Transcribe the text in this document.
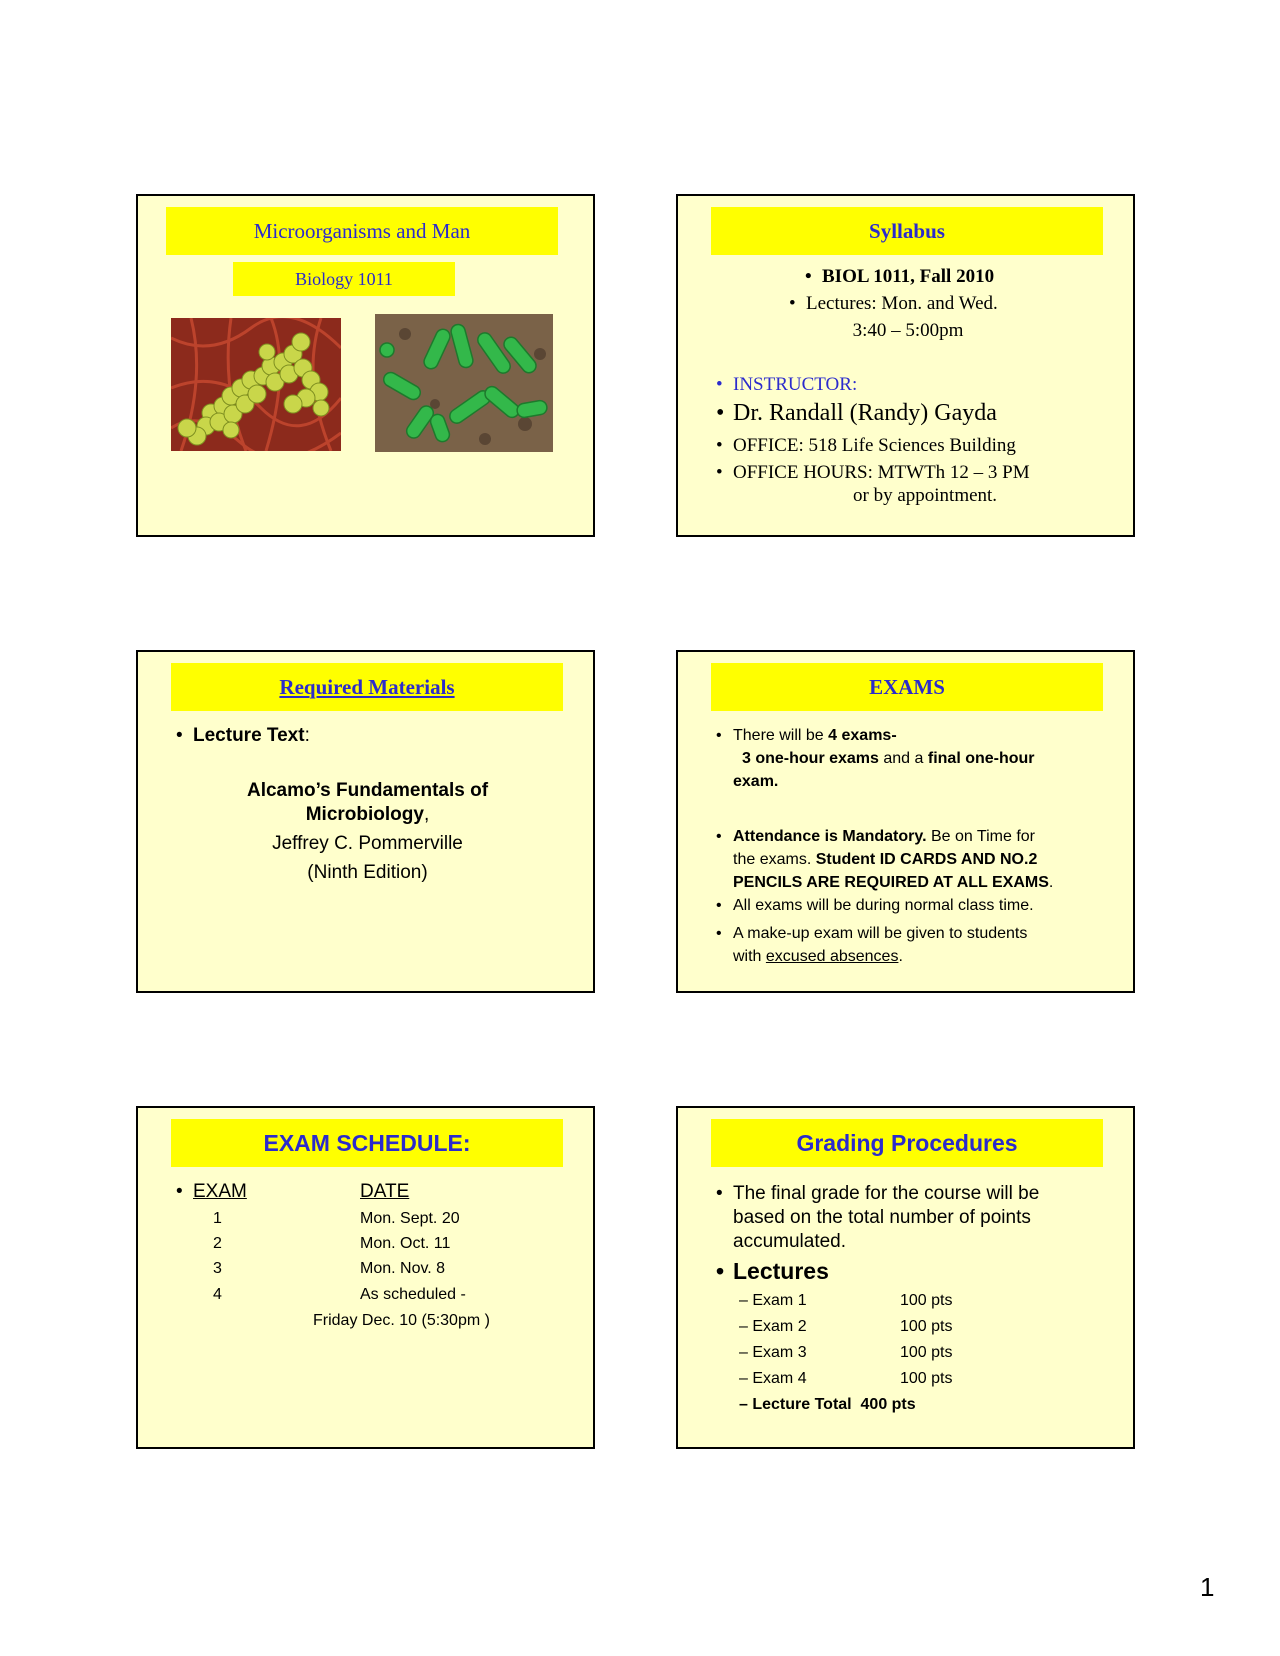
Microorganisms and Man
Biology 1011
Syllabus
• BIOL 1011, Fall 2010
• Lectures: Mon. and Wed.
3:40 – 5:00pm
• INSTRUCTOR:
• Dr. Randall (Randy) Gayda
• OFFICE: 518 Life Sciences Building
• OFFICE HOURS: MTWTh 12 – 3 PM
or by appointment.
Required Materials
• Lecture Text:
Alcamo’s Fundamentals of
Microbiology,
Jeffrey C. Pommerville
(Ninth Edition)
EXAMS
• There will be 4 exams-
3 one-hour exams and a final one-hour
exam.
• Attendance is Mandatory. Be on Time for
the exams. Student ID CARDS AND NO.2
PENCILS ARE REQUIRED AT ALL EXAMS.
• All exams will be during normal class time.
• A make-up exam will be given to students
with excused absences.
EXAM SCHEDULE:
• EXAM	DATE
1	Mon. Sept. 20
2	Mon. Oct. 11
3	Mon. Nov. 8
4	As scheduled -
Friday Dec. 10 (5:30pm )
Grading Procedures
• The final grade for the course will be
based on the total number of points
accumulated.
• Lectures
– Exam 1	100 pts
– Exam 2	100 pts
– Exam 3	100 pts
– Exam 4	100 pts
– Lecture Total 400 pts
1
